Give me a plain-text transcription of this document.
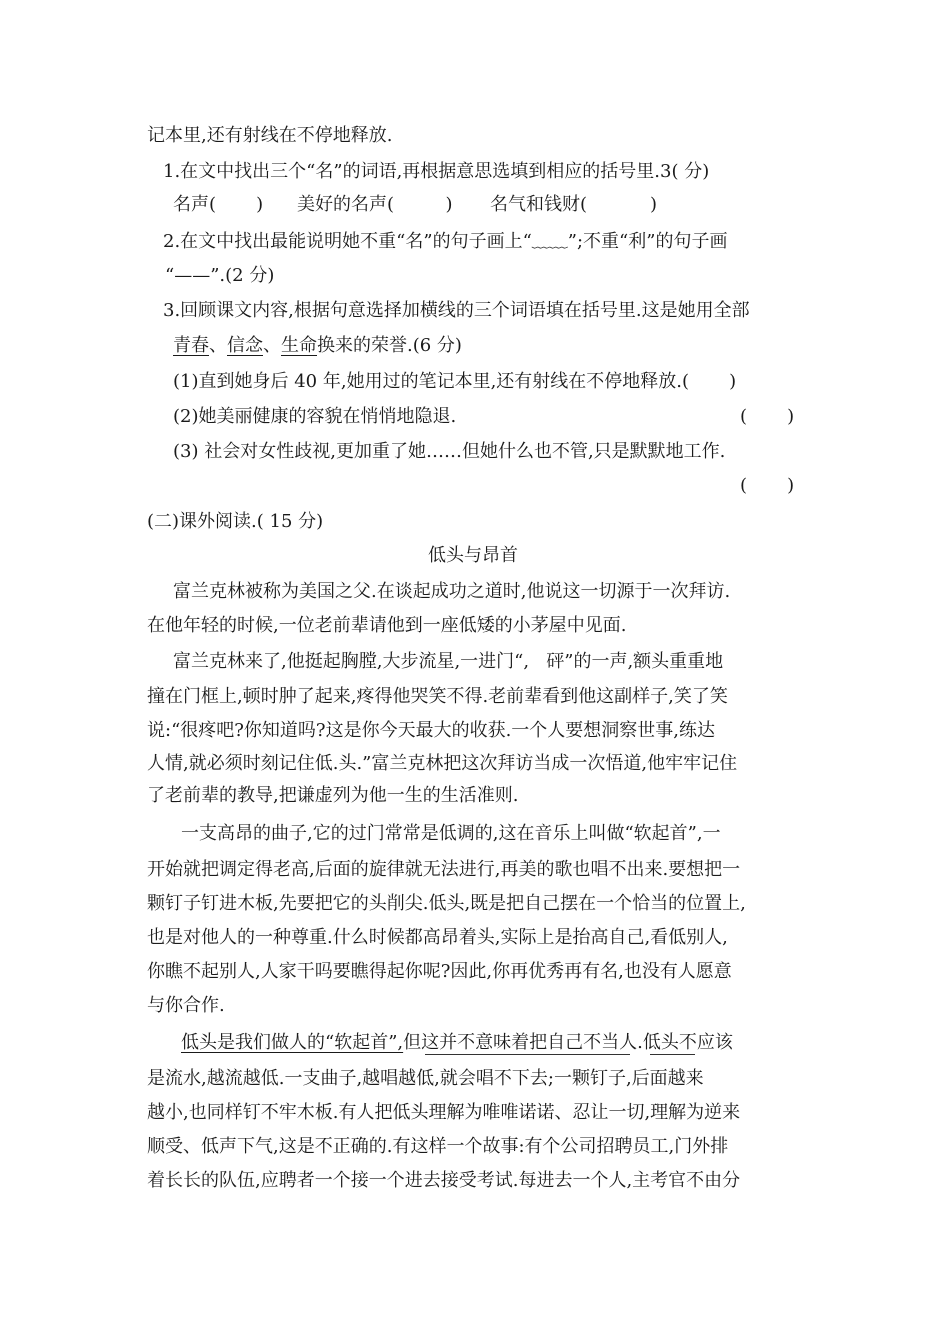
记本里,还有射线在不停地释放.
1.在文中找出三个“名”的词语,再根据意思选填到相应的括号里.3( 分)
名声(       ) 美好的名声(         ) 名气和钱财(           )
2.在文中找出最能说明她不重“名”的句子画上“﹏﹏”;不重“利”的句子画
“——”.(2 分)
3.回顾课文内容,根据句意选择加横线的三个词语填在括号里.这是她用全部
青春、信念、生命换来的荣誉.(6 分)
(1)直到她身后 40 年,她用过的笔记本里,还有射线在不停地释放.(       )
(2)她美丽健康的容貌在悄悄地隐退.	(       )
(3) 社会对女性歧视,更加重了她……但她什么也不管,只是默默地工作.
(       )
(二)课外阅读.( 15 分)
低头与昂首
富兰克林被称为美国之父.在谈起成功之道时,他说这一切源于一次拜访.
在他年轻的时候,一位老前辈请他到一座低矮的小茅屋中见面.
富兰克林来了,他挺起胸膛,大步流星,一进门“,   砰”的一声,额头重重地
撞在门框上,顿时肿了起来,疼得他哭笑不得.老前辈看到他这副样子,笑了笑
说:“很疼吧?你知道吗?这是你今天最大的收获.一个人要想洞察世事,练达
人情,就必须时刻记住低.头.”富兰克林把这次拜访当成一次悟道,他牢牢记住
了老前辈的教导,把谦虚列为他一生的生活准则.
一支高昂的曲子,它的过门常常是低调的,这在音乐上叫做“软起首”,一
开始就把调定得老高,后面的旋律就无法进行,再美的歌也唱不出来.要想把一
颗钉子钉进木板,先要把它的头削尖.低头,既是把自己摆在一个恰当的位置上,
也是对他人的一种尊重.什么时候都高昂着头,实际上是抬高自己,看低别人,
你瞧不起别人,人家干吗要瞧得起你呢?因此,你再优秀再有名,也没有人愿意
与你合作.
低头是我们做人的“软起首”,但这并不意味着把自己不当人.低头不应该
是流水,越流越低.一支曲子,越唱越低,就会唱不下去;一颗钉子,后面越来
越小,也同样钉不牢木板.有人把低头理解为唯唯诺诺、忍让一切,理解为逆来
顺受、低声下气,这是不正确的.有这样一个故事:有个公司招聘员工,门外排
着长长的队伍,应聘者一个接一个进去接受考试.每进去一个人,主考官不由分
